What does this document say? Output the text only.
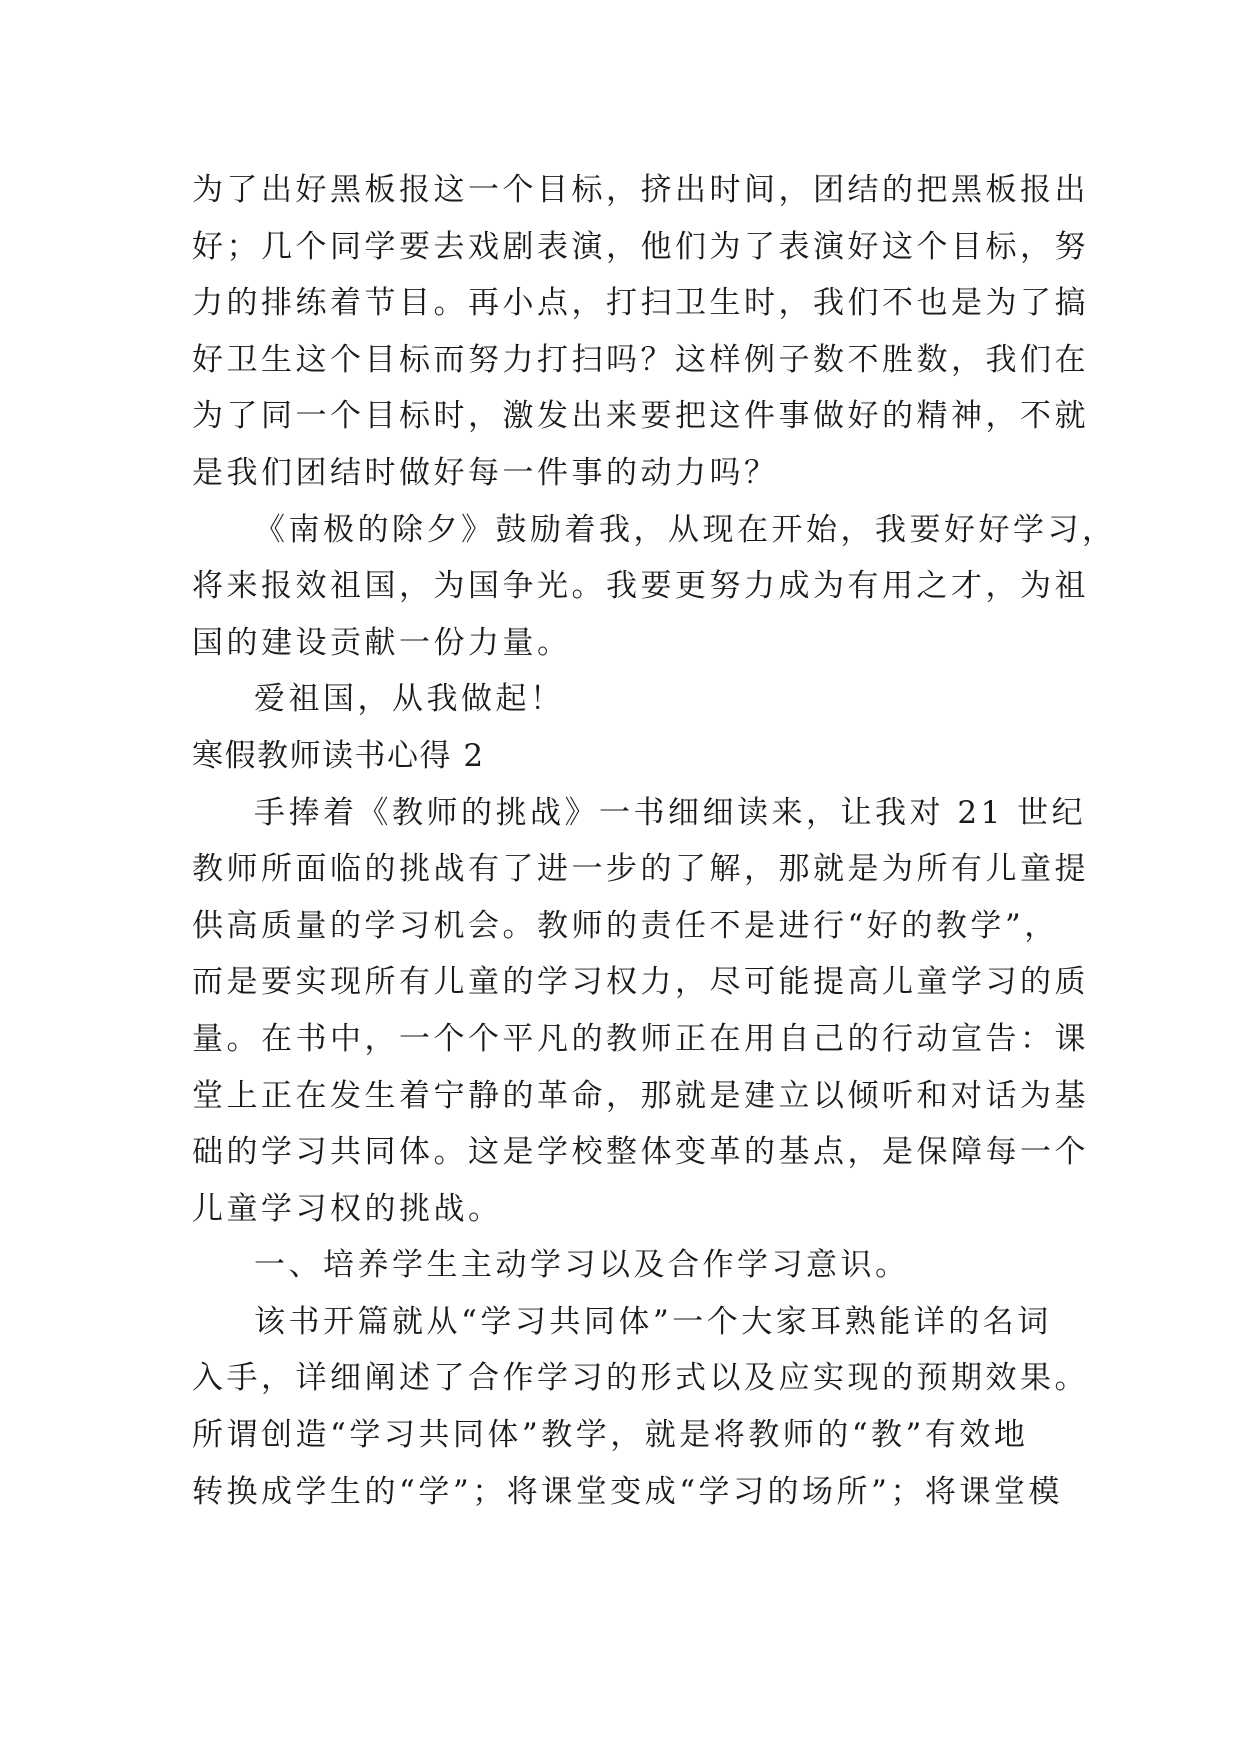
为了出好黑板报这一个目标，挤出时间，团结的把黑板报出
好；几个同学要去戏剧表演，他们为了表演好这个目标，努
力的排练着节目。再小点，打扫卫生时，我们不也是为了搞
好卫生这个目标而努力打扫吗？这样例子数不胜数，我们在
为了同一个目标时，激发出来要把这件事做好的精神，不就
是我们团结时做好每一件事的动力吗？
《南极的除夕》鼓励着我，从现在开始，我要好好学习，
将来报效祖国，为国争光。我要更努力成为有用之才，为祖
国的建设贡献一份力量。
爱祖国，从我做起！
寒假教师读书心得 2
手捧着《教师的挑战》一书细细读来，让我对 21 世纪
教师所面临的挑战有了进一步的了解，那就是为所有儿童提
供高质量的学习机会。教师的责任不是进行“好的教学”，
而是要实现所有儿童的学习权力，尽可能提高儿童学习的质
量。在书中，一个个平凡的教师正在用自己的行动宣告：课
堂上正在发生着宁静的革命，那就是建立以倾听和对话为基
础的学习共同体。这是学校整体变革的基点，是保障每一个
儿童学习权的挑战。
一、培养学生主动学习以及合作学习意识。
该书开篇就从“学习共同体”一个大家耳熟能详的名词
入手，详细阐述了合作学习的形式以及应实现的预期效果。
所谓创造“学习共同体”教学，就是将教师的“教”有效地
转换成学生的“学”；将课堂变成“学习的场所”；将课堂模
